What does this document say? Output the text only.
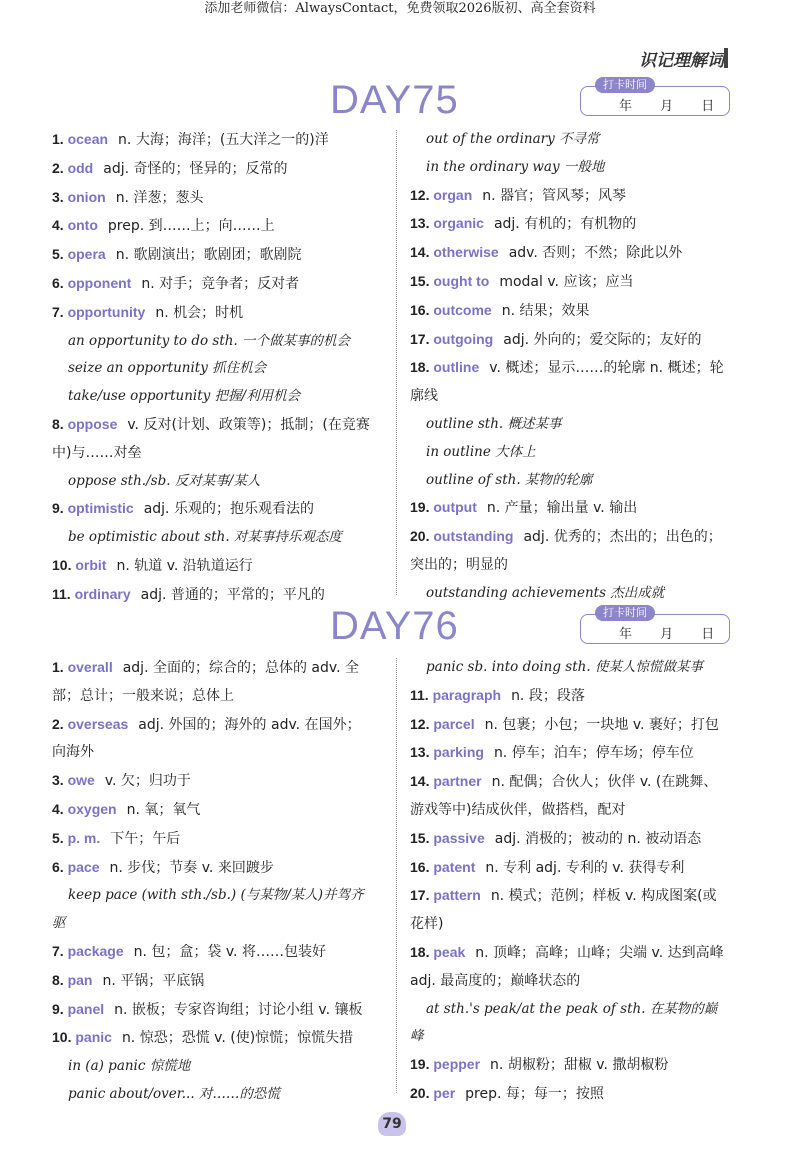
添加老师微信：AlwaysContact，免费领取2026版初、高全套资料
识记理解词
DAY75	打卡时间
年 月 日
1. ocean n. 大海；海洋；(五大洋之一的)洋
2. odd adj. 奇怪的；怪异的；反常的
3. onion n. 洋葱；葱头
4. onto prep. 到……上；向……上
5. opera n. 歌剧演出；歌剧团；歌剧院
6. opponent n. 对手；竞争者；反对者
7. opportunity n. 机会；时机
an opportunity to do sth. 一个做某事的机会
seize an opportunity 抓住机会
take/use opportunity 把握/利用机会
8. oppose v. 反对(计划、政策等)；抵制；(在竞赛中)与……对垒
oppose sth./sb. 反对某事/某人
9. optimistic adj. 乐观的；抱乐观看法的
be optimistic about sth. 对某事持乐观态度
10. orbit n. 轨道 v. 沿轨道运行
11. ordinary adj. 普通的；平常的；平凡的
out of the ordinary 不寻常
in the ordinary way 一般地
12. organ n. 器官；管风琴；风琴
13. organic adj. 有机的；有机物的
14. otherwise adv. 否则；不然；除此以外
15. ought to modal v. 应该；应当
16. outcome n. 结果；效果
17. outgoing adj. 外向的；爱交际的；友好的
18. outline v. 概述；显示……的轮廓 n. 概述；轮廓线
outline sth. 概述某事
in outline 大体上
outline of sth. 某物的轮廓
19. output n. 产量；输出量 v. 输出
20. outstanding adj. 优秀的；杰出的；出色的；突出的；明显的
outstanding achievements 杰出成就
DAY76	打卡时间
年 月 日
1. overall adj. 全面的；综合的；总体的 adv. 全部；总计；一般来说；总体上
2. overseas adj. 外国的；海外的 adv. 在国外；向海外
3. owe v. 欠；归功于
4. oxygen n. 氧；氧气
5. p. m. 下午；午后
6. pace n. 步伐；节奏 v. 来回踱步
keep pace (with sth./sb.) (与某物/某人)并驾齐驱
7. package n. 包；盒；袋 v. 将……包装好
8. pan n. 平锅；平底锅
9. panel n. 嵌板；专家咨询组；讨论小组 v. 镶板
10. panic n. 惊恐；恐慌 v. (使)惊慌；惊慌失措
in (a) panic 惊慌地
panic about/over... 对……的恐慌
panic sb. into doing sth. 使某人惊慌做某事
11. paragraph n. 段；段落
12. parcel n. 包裹；小包；一块地 v. 裹好；打包
13. parking n. 停车；泊车；停车场；停车位
14. partner n. 配偶；合伙人；伙伴 v. (在跳舞、游戏等中)结成伙伴，做搭档，配对
15. passive adj. 消极的；被动的 n. 被动语态
16. patent n. 专利 adj. 专利的 v. 获得专利
17. pattern n. 模式；范例；样板 v. 构成图案(或花样)
18. peak n. 顶峰；高峰；山峰；尖端 v. 达到高峰 adj. 最高度的；巅峰状态的
at sth.'s peak/at the peak of sth. 在某物的巅峰
19. pepper n. 胡椒粉；甜椒 v. 撒胡椒粉
20. per prep. 每；每一；按照
79
